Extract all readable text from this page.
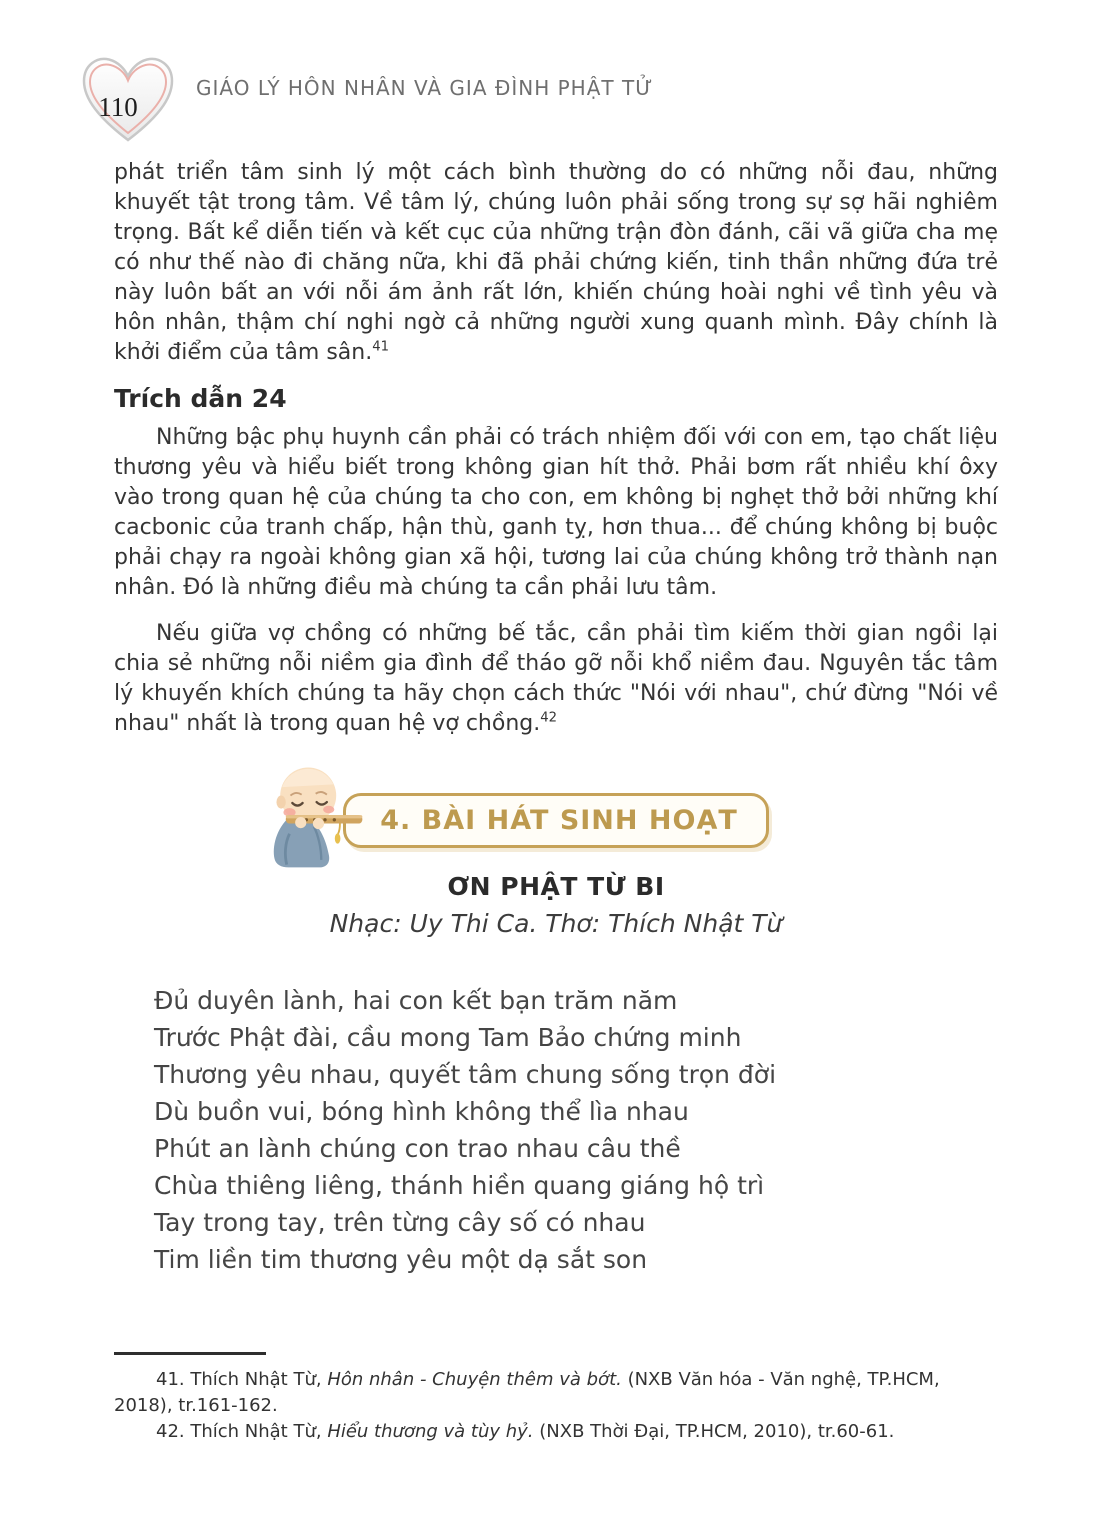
110
GIÁO LÝ HÔN NHÂN VÀ GIA ĐÌNH PHẬT TỬ

phát triển tâm sinh lý một cách bình thường do có những nỗi đau, những khuyết tật trong tâm. Về tâm lý, chúng luôn phải sống trong sự sợ hãi nghiêm trọng. Bất kể diễn tiến và kết cục của những trận đòn đánh, cãi vã giữa cha mẹ có như thế nào đi chăng nữa, khi đã phải chứng kiến, tinh thần những đứa trẻ này luôn bất an với nỗi ám ảnh rất lớn, khiến chúng hoài nghi về tình yêu và hôn nhân, thậm chí nghi ngờ cả những người xung quanh mình. Đây chính là khởi điểm của tâm sân.$^{41}$

Trích dẫn 24

Những bậc phụ huynh cần phải có trách nhiệm đối với con em, tạo chất liệu thương yêu và hiểu biết trong không gian hít thở. Phải bơm rất nhiều khí ôxy vào trong quan hệ của chúng ta cho con, em không bị nghẹt thở bởi những khí cacbonic của tranh chấp, hận thù, ganh tỵ, hơn thua... để chúng không bị buộc phải chạy ra ngoài không gian xã hội, tương lai của chúng không trở thành nạn nhân. Đó là những điều mà chúng ta cần phải lưu tâm.

Nếu giữa vợ chồng có những bế tắc, cần phải tìm kiếm thời gian ngồi lại chia sẻ những nỗi niềm gia đình để tháo gỡ nỗi khổ niềm đau. Nguyên tắc tâm lý khuyến khích chúng ta hãy chọn cách thức "Nói với nhau", chứ đừng "Nói về nhau" nhất là trong quan hệ vợ chồng.$^{42}$

4. BÀI HÁT SINH HOẠT
ƠN PHẬT TỪ BI
Nhạc: Uy Thi Ca. Thơ: Thích Nhật Từ
Đủ duyên lành, hai con kết bạn trăm năm
Trước Phật đài, cầu mong Tam Bảo chứng minh
Thương yêu nhau, quyết tâm chung sống trọn đời
Dù buồn vui, bóng hình không thể lìa nhau
Phút an lành chúng con trao nhau câu thề
Chùa thiêng liêng, thánh hiền quang giáng hộ trì
Tay trong tay, trên từng cây số có nhau
Tim liền tim thương yêu một dạ sắt son

41. Thích Nhật Từ, Hôn nhân - Chuyện thêm và bớt. (NXB Văn hóa - Văn nghệ, TP.HCM, 2018), tr.161-162.

42. Thích Nhật Từ, Hiểu thương và tùy hỷ. (NXB Thời Đại, TP.HCM, 2010), tr.60-61.
